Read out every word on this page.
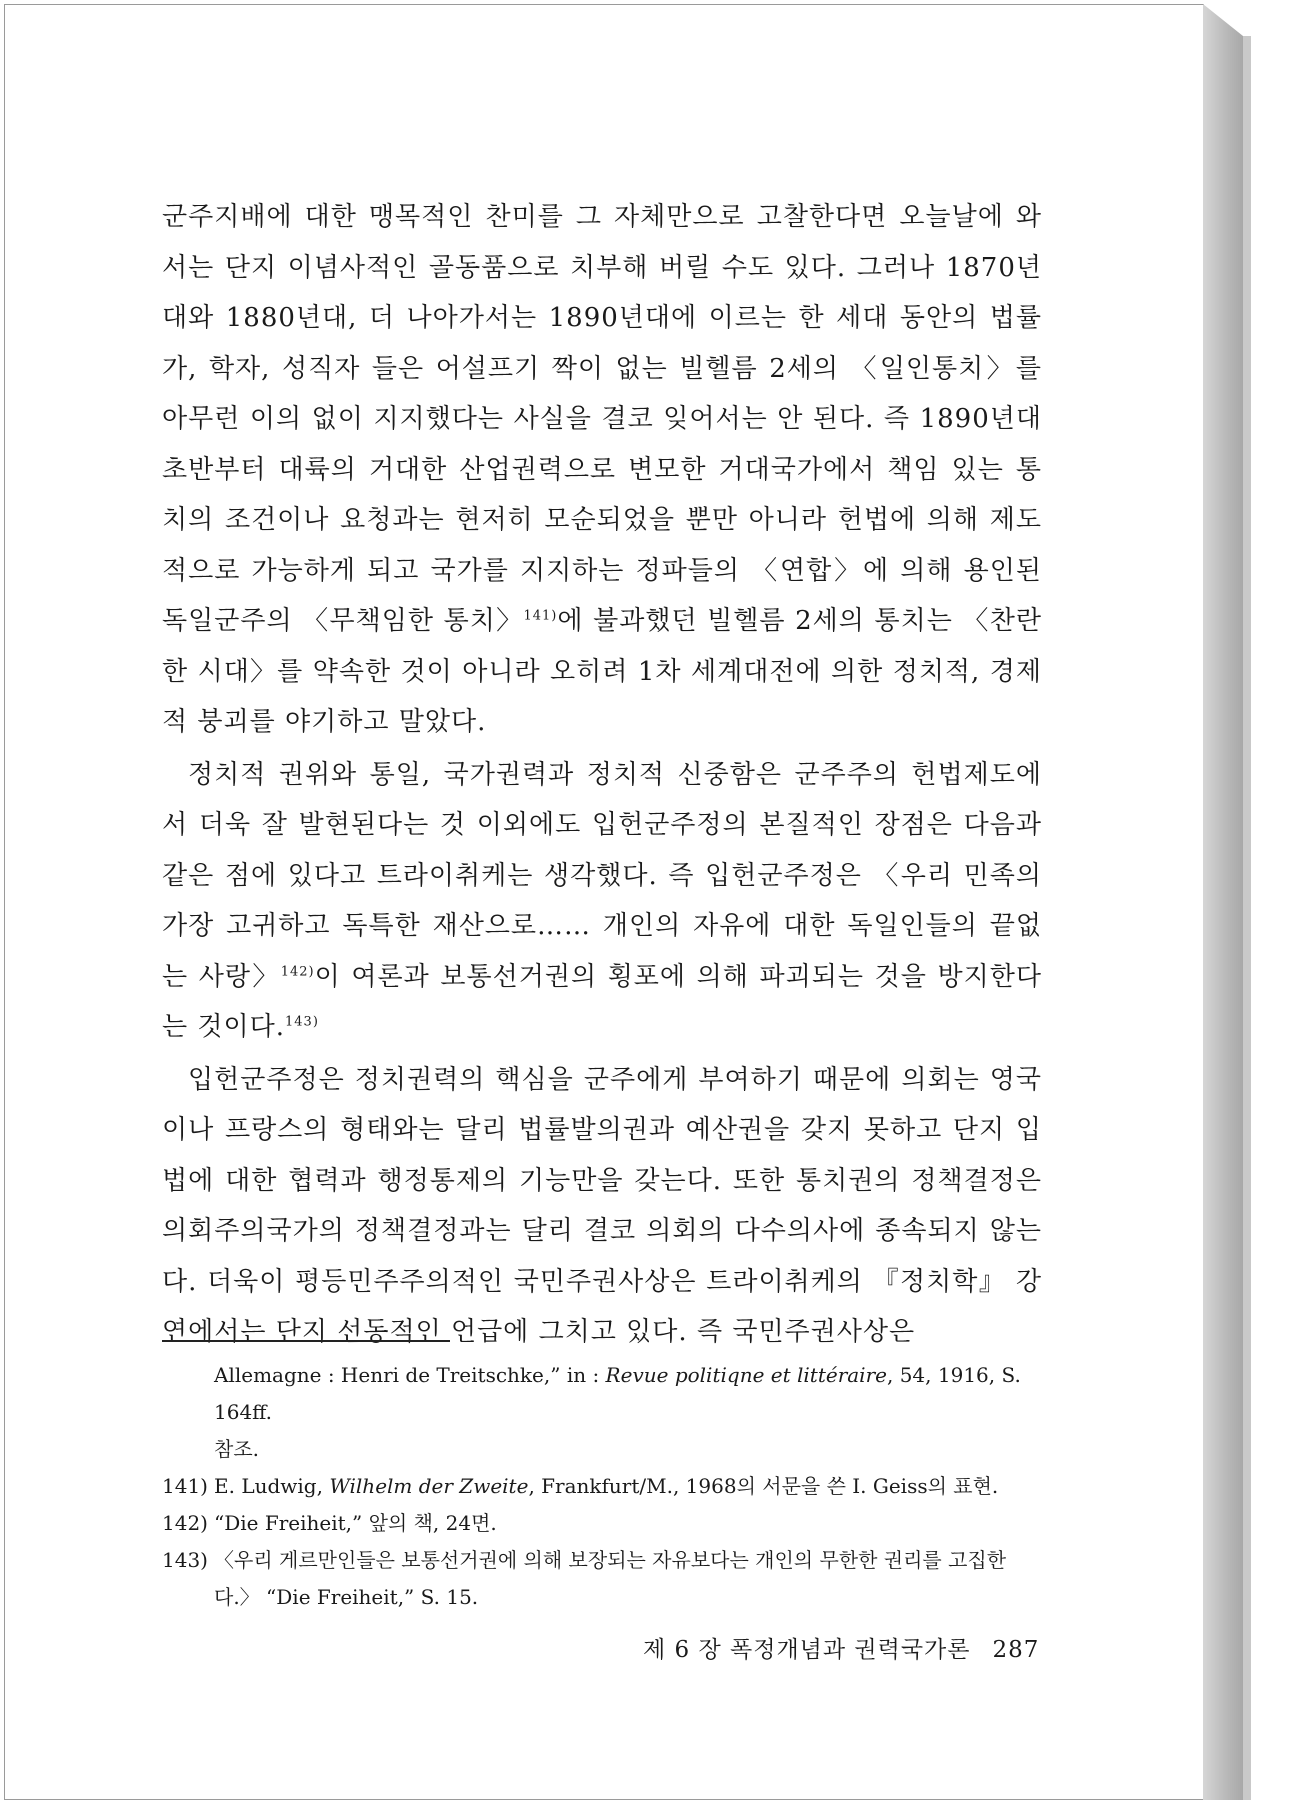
군주지배에 대한 맹목적인 찬미를 그 자체만으로 고찰한다면 오늘날에 와서는 단지 이념사적인 골동품으로 치부해 버릴 수도 있다. 그러나 1870년대와 1880년대, 더 나아가서는 1890년대에 이르는 한 세대 동안의 법률가, 학자, 성직자 들은 어설프기 짝이 없는 빌헬름 2세의 〈일인통치〉를 아무런 이의 없이 지지했다는 사실을 결코 잊어서는 안 된다. 즉 1890년대 초반부터 대륙의 거대한 산업권력으로 변모한 거대국가에서 책임 있는 통치의 조건이나 요청과는 현저히 모순되었을 뿐만 아니라 헌법에 의해 제도적으로 가능하게 되고 국가를 지지하는 정파들의 〈연합〉에 의해 용인된 독일군주의 〈무책임한 통치〉$^{141)}$에 불과했던 빌헬름 2세의 통치는 〈찬란한 시대〉를 약속한 것이 아니라 오히려 1차 세계대전에 의한 정치적, 경제적 붕괴를 야기하고 말았다.

정치적 권위와 통일, 국가권력과 정치적 신중함은 군주주의 헌법제도에서 더욱 잘 발현된다는 것 이외에도 입헌군주정의 본질적인 장점은 다음과 같은 점에 있다고 트라이취케는 생각했다. 즉 입헌군주정은 〈우리 민족의 가장 고귀하고 독특한 재산으로…… 개인의 자유에 대한 독일인들의 끝없는 사랑〉$^{142)}$이 여론과 보통선거권의 횡포에 의해 파괴되는 것을 방지한다는 것이다.$^{143)}$

입헌군주정은 정치권력의 핵심을 군주에게 부여하기 때문에 의회는 영국이나 프랑스의 형태와는 달리 법률발의권과 예산권을 갖지 못하고 단지 입법에 대한 협력과 행정통제의 기능만을 갖는다. 또한 통치권의 정책결정은 의회주의국가의 정책결정과는 달리 결코 의회의 다수의사에 종속되지 않는다. 더욱이 평등민주주의적인 국민주권사상은 트라이취케의 『정치학』 강연에서는 단지 선동적인 언급에 그치고 있다. 즉 국민주권사상은

Allemagne : Henri de Treitschke,” in : Revue politiqne et littéraire, 54, 1916, S. 164ff.
참조.
141) E. Ludwig, Wilhelm der Zweite, Frankfurt/M., 1968의 서문을 쓴 I. Geiss의 표현.
142) “Die Freiheit,” 앞의 책, 24면.
143) 〈우리 게르만인들은 보통선거권에 의해 보장되는 자유보다는 개인의 무한한 권리를 고집한다.〉 “Die Freiheit,” S. 15.
제 6 장 폭정개념과 권력국가론 287
